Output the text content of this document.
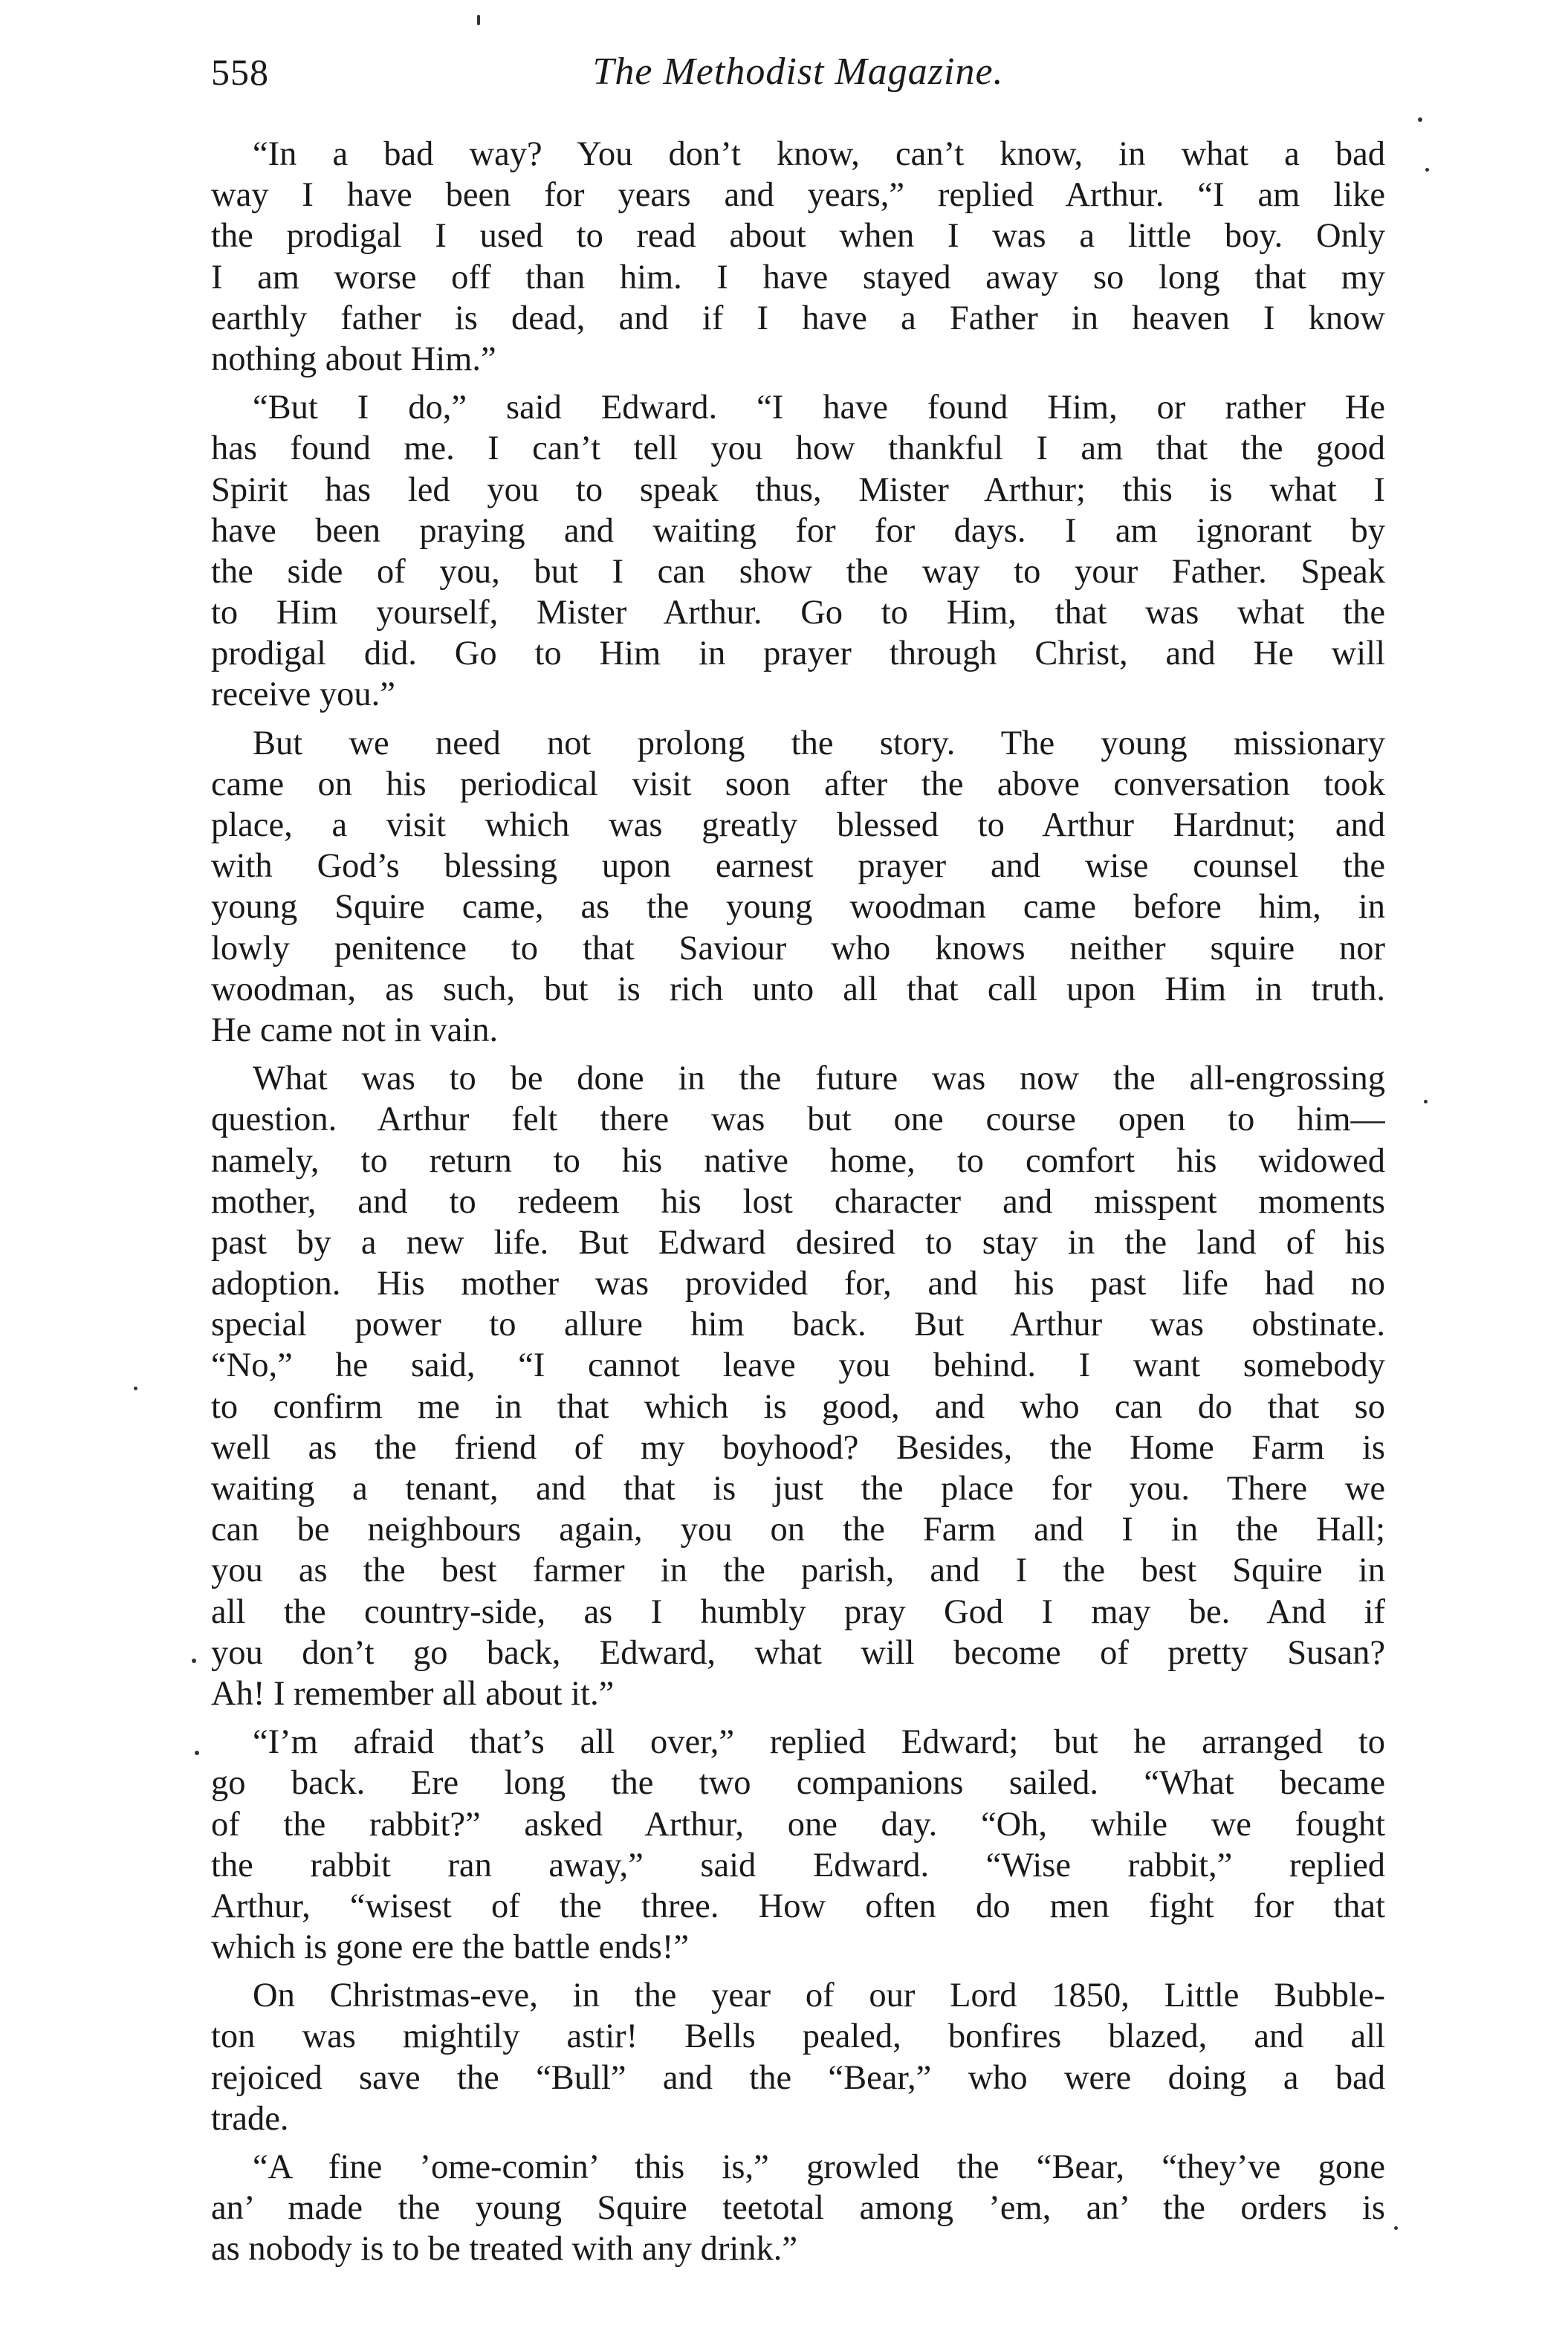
558	The Methodist Magazine.
“In a bad way? You don’t know, can’t know, in what a bad
way I have been for years and years,” replied Arthur. “I am like
the prodigal I used to read about when I was a little boy. Only
I am worse off than him. I have stayed away so long that my
earthly father is dead, and if I have a Father in heaven I know
nothing about Him.”
“But I do,” said Edward. “I have found Him, or rather He
has found me. I can’t tell you how thankful I am that the good
Spirit has led you to speak thus, Mister Arthur; this is what I
have been praying and waiting for for days. I am ignorant by
the side of you, but I can show the way to your Father. Speak
to Him yourself, Mister Arthur. Go to Him, that was what the
prodigal did. Go to Him in prayer through Christ, and He will
receive you.”
But we need not prolong the story. The young missionary
came on his periodical visit soon after the above conversation took
place, a visit which was greatly blessed to Arthur Hardnut; and
with God’s blessing upon earnest prayer and wise counsel the
young Squire came, as the young woodman came before him, in
lowly penitence to that Saviour who knows neither squire nor
woodman, as such, but is rich unto all that call upon Him in truth.
He came not in vain.
What was to be done in the future was now the all-engrossing
question. Arthur felt there was but one course open to him—
namely, to return to his native home, to comfort his widowed
mother, and to redeem his lost character and misspent moments
past by a new life. But Edward desired to stay in the land of his
adoption. His mother was provided for, and his past life had no
special power to allure him back. But Arthur was obstinate.
“No,” he said, “I cannot leave you behind. I want somebody
to confirm me in that which is good, and who can do that so
well as the friend of my boyhood? Besides, the Home Farm is
waiting a tenant, and that is just the place for you. There we
can be neighbours again, you on the Farm and I in the Hall;
you as the best farmer in the parish, and I the best Squire in
all the country-side, as I humbly pray God I may be. And if
you don’t go back, Edward, what will become of pretty Susan?
Ah! I remember all about it.”
“I’m afraid that’s all over,” replied Edward; but he arranged to
go back. Ere long the two companions sailed. “What became
of the rabbit?” asked Arthur, one day. “Oh, while we fought
the rabbit ran away,” said Edward. “Wise rabbit,” replied
Arthur, “wisest of the three. How often do men fight for that
which is gone ere the battle ends!”
On Christmas-eve, in the year of our Lord 1850, Little Bubble-
ton was mightily astir! Bells pealed, bonfires blazed, and all
rejoiced save the “Bull” and the “Bear,” who were doing a bad
trade.
“A fine ’ome-comin’ this is,” growled the “Bear, “they’ve gone
an’ made the young Squire teetotal among ’em, an’ the orders is
as nobody is to be treated with any drink.”
